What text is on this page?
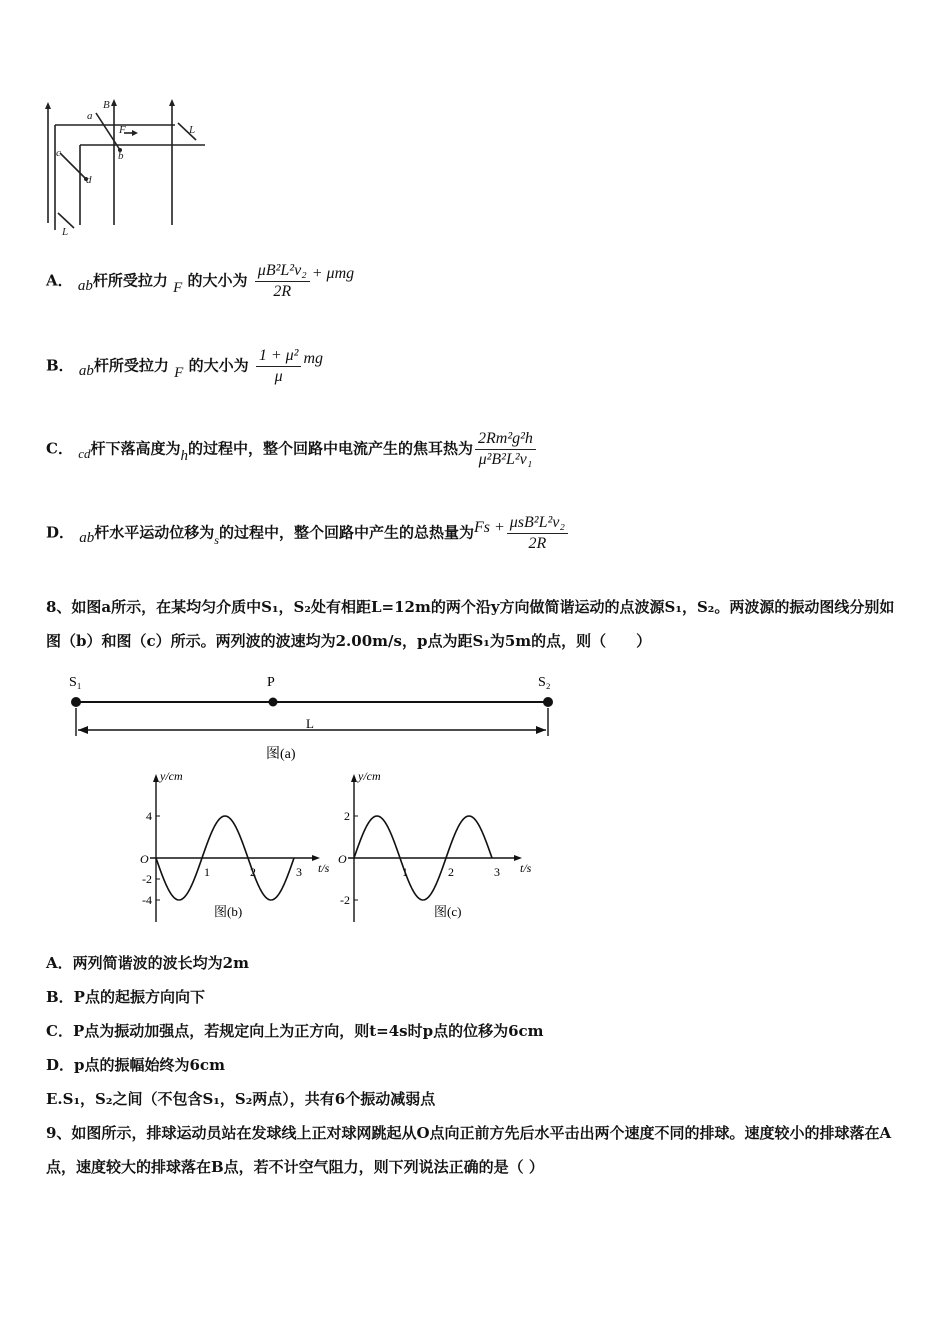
B
a
F
b
c
d
L
L
A． ab杆所受拉力 F 的大小为 $\frac{\text{μB²L²v₂}}{2R} + \mu mg$
B． ab杆所受拉力 F 的大小为 $\frac{\text{1 + μ²}}{\mu}$ mg
C． cd杆下落高度为h的过程中，整个回路中电流产生的焦耳热为 $\frac{\text{2Rm²g²h}}{\text{μ²B²L²v₁}}$
D． ab杆水平运动位移为$_s$的过程中，整个回路中产生的总热量为$Fs + \frac{\text{μsB²L²v₂}}{2R}$
8、如图a所示，在某均匀介质中S₁，S₂处有相距L=12m的两个沿y方向做简谐运动的点波源S₁，S₂。两波源的振动图线分别如图（b）和图（c）所示。两列波的波速均为2.00m/s，p点为距S₁为5m的点，则（　　）
S₁	P	S₂
L
图(a)
y/cm
t/s
O
1	2	3
4
-2
-4
图(b)
y/cm
t/s
O
1	2	3
2
-2
图(c)
A．两列简谐波的波长均为2m
B．P点的起振方向向下
C．P点为振动加强点，若规定向上为正方向，则t=4s时p点的位移为6cm
D．p点的振幅始终为6cm
E.S₁，S₂之间（不包含S₁，S₂两点），共有6个振动减弱点
9、如图所示，排球运动员站在发球线上正对球网跳起从O点向正前方先后水平击出两个速度不同的排球。速度较小的排球落在A点，速度较大的排球落在B点，若不计空气阻力，则下列说法正确的是（ ）
